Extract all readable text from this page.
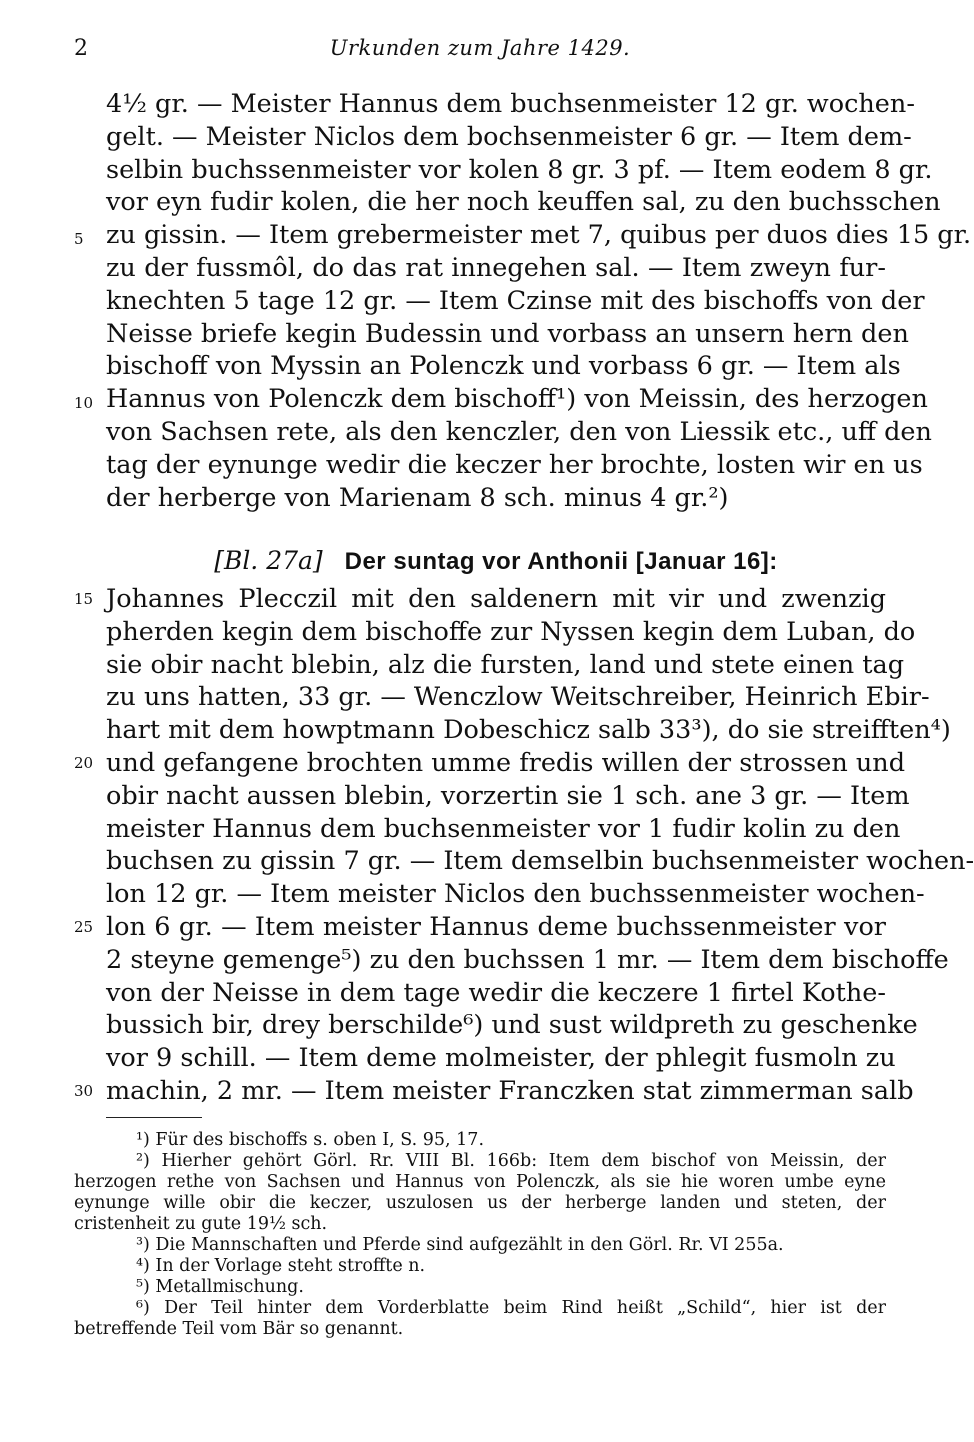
2	Urkunden zum Jahre 1429.
4½ gr. — Meister Hannus dem buchsenmeister 12 gr. wochen-
gelt. — Meister Niclos dem bochsenmeister 6 gr. — Item dem-
selbin buchssenmeister vor kolen 8 gr. 3 pf. — Item eodem 8 gr.
vor eyn fudir kolen, die her noch keuffen sal, zu den buchsschen
zu gissin. — Item grebermeister met 7, quibus per duos dies 15 gr.
zu der fussmôl, do das rat innegehen sal. — Item zweyn fur-
knechten 5 tage 12 gr. — Item Czinse mit des bischoffs von der
Neisse briefe kegin Budessin und vorbass an unsern hern den
bischoff von Myssin an Polenczk und vorbass 6 gr. — Item als
Hannus von Polenczk dem bischoff¹) von Meissin, des herzogen
von Sachsen rete, als den kenczler, den von Liessik etc., uff den
tag der eynunge wedir die keczer her brochte, losten wir en us
der herberge von Marienam 8 sch. minus 4 gr.²)
[Bl. 27a] Der suntag vor Anthonii [Januar 16]:
Johannes Plecczil mit den saldenern mit vir und zwenzig
pherden kegin dem bischoffe zur Nyssen kegin dem Luban, do
sie obir nacht blebin, alz die fursten, land und stete einen tag
zu uns hatten, 33 gr. — Wenczlow Weitschreiber, Heinrich Ebir-
hart mit dem howptmann Dobeschicz salb 33³), do sie streifften⁴)
und gefangene brochten umme fredis willen der strossen und
obir nacht aussen blebin, vorzertin sie 1 sch. ane 3 gr. — Item
meister Hannus dem buchsenmeister vor 1 fudir kolin zu den
buchsen zu gissin 7 gr. — Item demselbin buchsenmeister wochen-
lon 12 gr. — Item meister Niclos den buchssenmeister wochen-
lon 6 gr. — Item meister Hannus deme buchssenmeister vor
2 steyne gemenge⁵) zu den buchssen 1 mr. — Item dem bischoffe
von der Neisse in dem tage wedir die keczere 1 firtel Kothe-
bussich bir, drey berschilde⁶) und sust wildpreth zu geschenke
vor 9 schill. — Item deme molmeister, der phlegit fusmoln zu
machin, 2 mr. — Item meister Franczken stat zimmerman salb
5
10
15
20
25
30
¹) Für des bischoffs s. oben I, S. 95, 17.
²) Hierher gehört Görl. Rr. VIII Bl. 166b: Item dem bischof von Meissin, der herzogen rethe von Sachsen und Hannus von Polenczk, als sie hie woren umbe eyne eynunge wille obir die keczer, uszulosen us der herberge landen und steten, der cristenheit zu gute 19½ sch.
³) Die Mannschaften und Pferde sind aufgezählt in den Görl. Rr. VI 255a.
⁴) In der Vorlage steht stroffte n.
⁵) Metallmischung.
⁶) Der Teil hinter dem Vorderblatte beim Rind heißt „Schild“, hier ist der betreffende Teil vom Bär so genannt.
